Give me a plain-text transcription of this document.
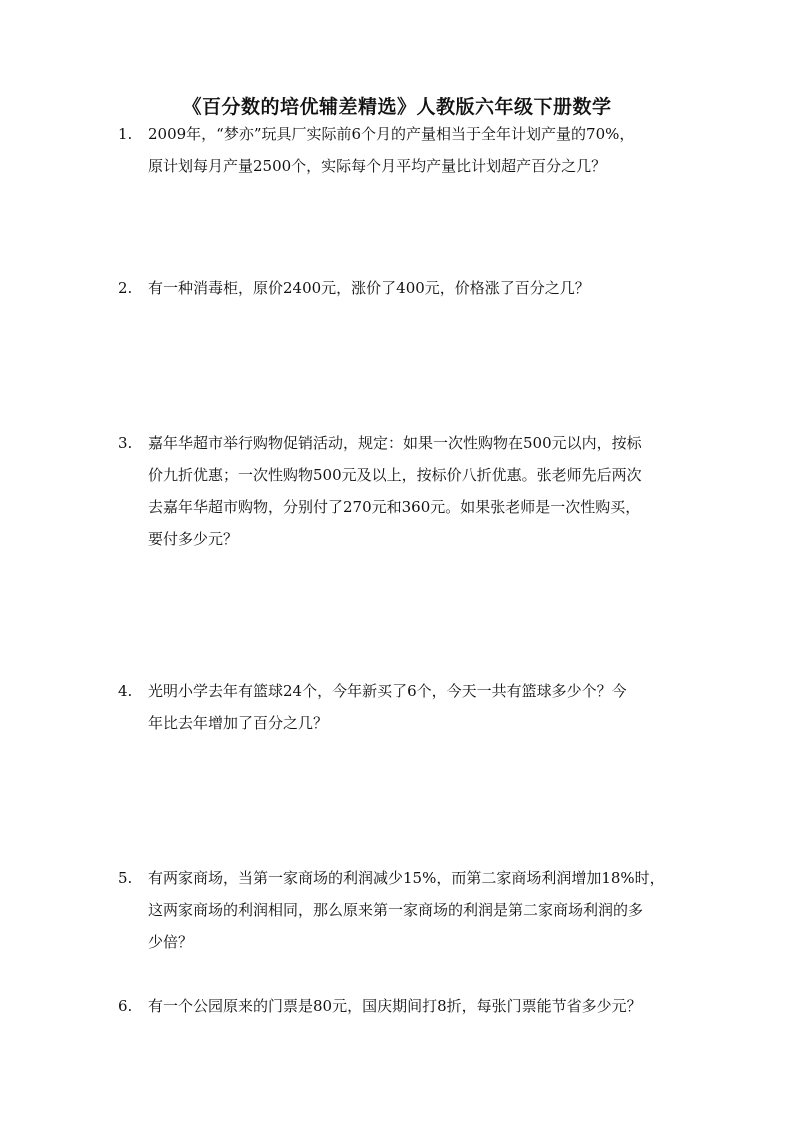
《百分数的培优辅差精选》人教版六年级下册数学
1.	2009年，“梦亦”玩具厂实际前6个月的产量相当于全年计划产量的70%，
原计划每月产量2500个，实际每个月平均产量比计划超产百分之几？
2.	有一种消毒柜，原价2400元，涨价了400元，价格涨了百分之几？
3.	嘉年华超市举行购物促销活动，规定：如果一次性购物在500元以内，按标
价九折优惠；一次性购物500元及以上，按标价八折优惠。张老师先后两次
去嘉年华超市购物，分别付了270元和360元。如果张老师是一次性购买，
要付多少元？
4.	光明小学去年有篮球24个，今年新买了6个，今天一共有篮球多少个？今
年比去年增加了百分之几？
5.	有两家商场，当第一家商场的利润减少15%，而第二家商场利润增加18%时，
这两家商场的利润相同，那么原来第一家商场的利润是第二家商场利润的多
少倍？
6.	有一个公园原来的门票是80元，国庆期间打8折，每张门票能节省多少元？
